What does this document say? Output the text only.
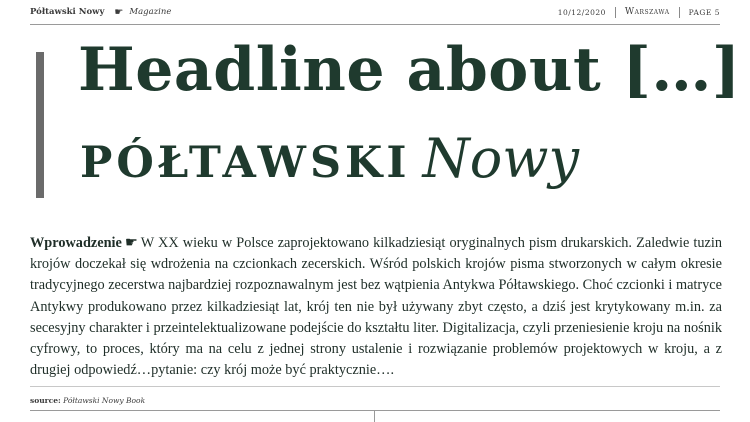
Półtawski Nowy ☛ Magazine	10/12/2020 Warszawa	PAGE 5
Headline about […]
PÓŁTAWSKI Nowy

Wprowadzenie ☛ W XX wieku w Polsce zaprojektowano kilkadziesiąt oryginalnych pism drukarskich. Zaledwie tuzin krojów doczekał się wdrożenia na czcionkach zecerskich. Wśród polskich krojów pisma stworzonych w całym okresie tradycyjnego zecerstwa najbardziej rozpoznawalnym jest bez wątpienia Antykwa Półtawskiego. Choć czcionki i matryce Antykwy produkowano przez kilkadziesiąt lat, krój ten nie był używany zbyt często, a dziś jest krytykowany m.in. za secesyjny charakter i przeintelektualizowane podejście do kształtu liter. Digitalizacja, czyli przeniesienie kroju na nośnik cyfrowy, to proces, który ma na celu z jednej strony ustalenie i rozwiązanie problemów projektowych w kroju, a z drugiej odpowiedź…pytanie: czy krój może być praktycznie….

source: Półtawski Nowy Book
